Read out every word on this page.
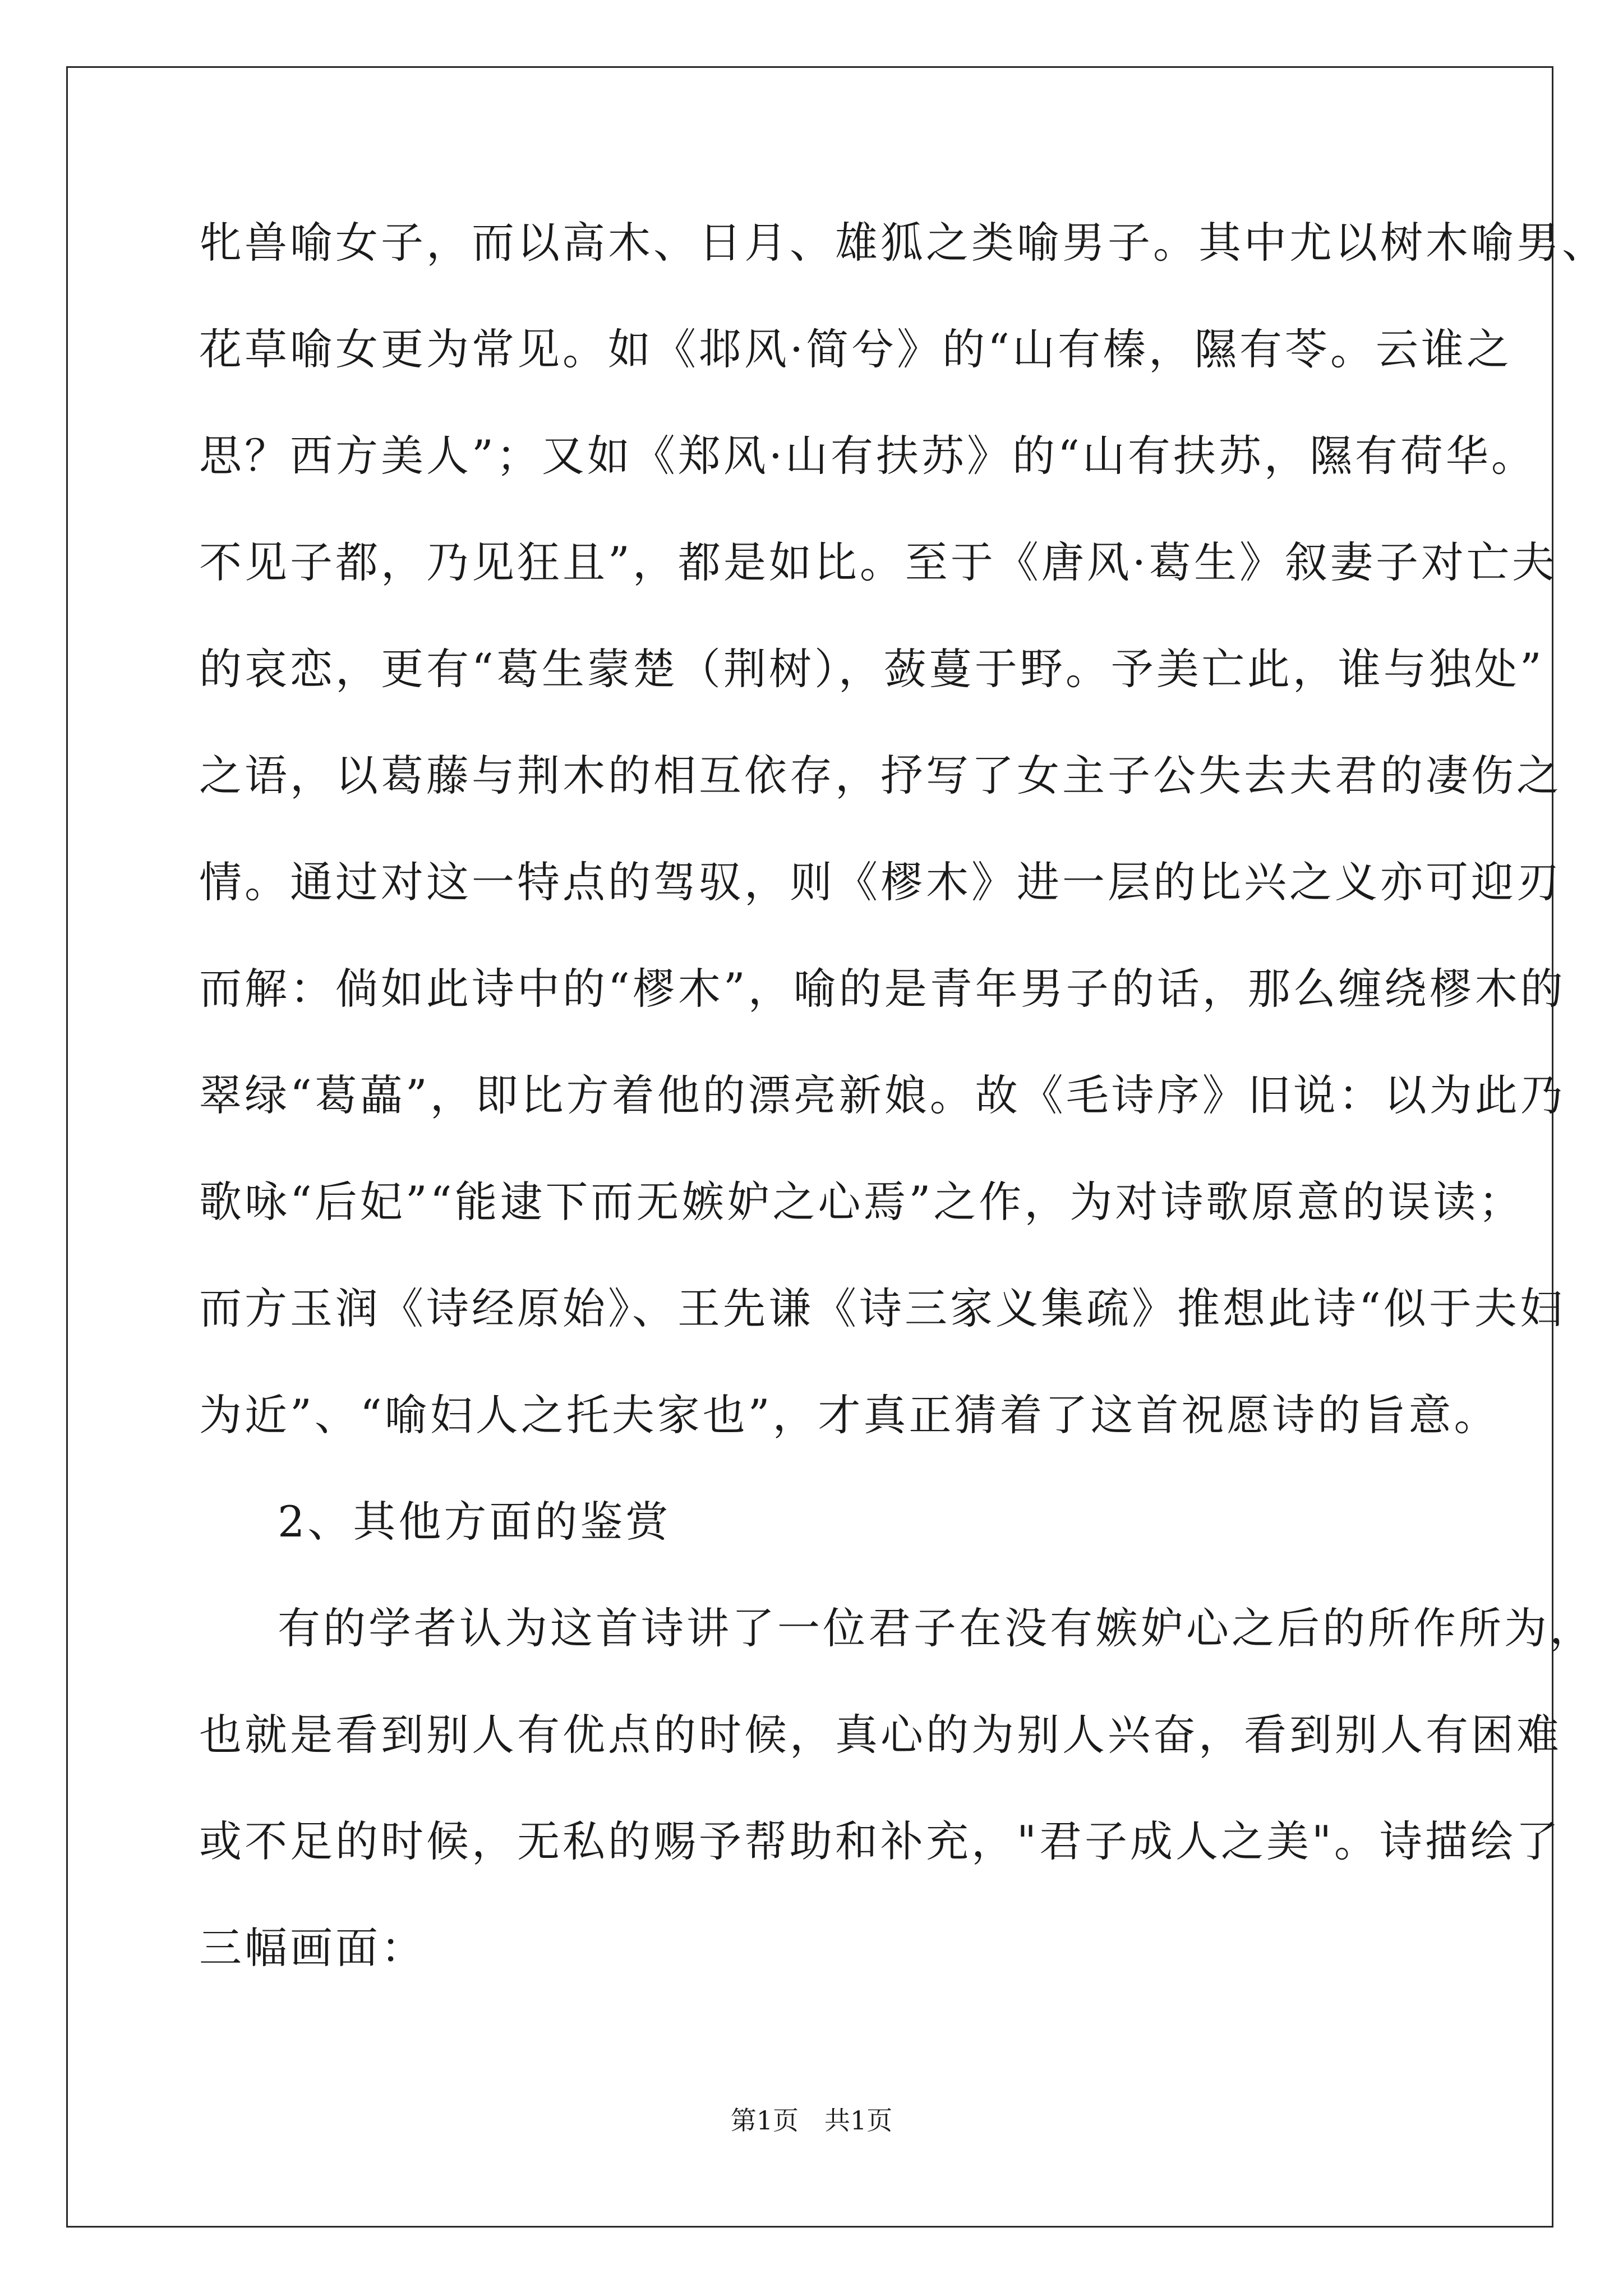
牝兽喻女子，而以高木、日月、雄狐之类喻男子。其中尤以树木喻男、
花草喻女更为常见。如《邶风·简兮》的“山有榛，隰有苓。云谁之
思？西方美人”；又如《郑风·山有扶苏》的“山有扶苏，隰有荷华。
不见子都，乃见狂且”，都是如比。至于《唐风·葛生》叙妻子对亡夫
的哀恋，更有“葛生蒙楚（荆树），蔹蔓于野。予美亡此，谁与独处”
之语，以葛藤与荆木的相互依存，抒写了女主子公失去夫君的凄伤之
情。通过对这一特点的驾驭，则《樛木》进一层的比兴之义亦可迎刃
而解：倘如此诗中的“樛木”，喻的是青年男子的话，那么缠绕樛木的
翠绿“葛藟”，即比方着他的漂亮新娘。故《毛诗序》旧说：以为此乃
歌咏“后妃”“能逮下而无嫉妒之心焉”之作，为对诗歌原意的误读；
而方玉润《诗经原始》、王先谦《诗三家义集疏》推想此诗“似于夫妇
为近”、“喻妇人之托夫家也”，才真正猜着了这首祝愿诗的旨意。
2、其他方面的鉴赏
有的学者认为这首诗讲了一位君子在没有嫉妒心之后的所作所为，
也就是看到别人有优点的时候，真心的为别人兴奋，看到别人有困难
或不足的时候，无私的赐予帮助和补充，"君子成人之美"。诗描绘了
三幅画面：
第1页　共1页
